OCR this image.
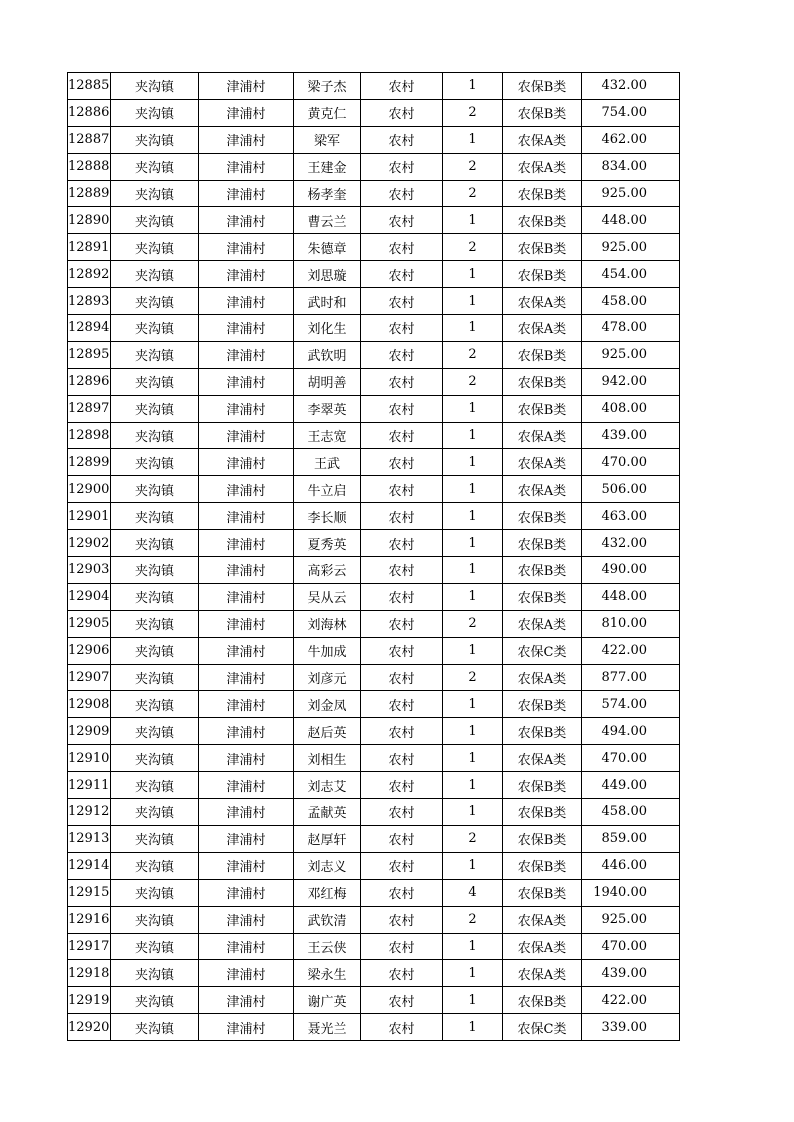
12885	夹沟镇	津浦村	梁子杰	农村	1	农保B类	432.00
12886	夹沟镇	津浦村	黄克仁	农村	2	农保B类	754.00
12887	夹沟镇	津浦村	梁军	农村	1	农保A类	462.00
12888	夹沟镇	津浦村	王建金	农村	2	农保A类	834.00
12889	夹沟镇	津浦村	杨孝奎	农村	2	农保B类	925.00
12890	夹沟镇	津浦村	曹云兰	农村	1	农保B类	448.00
12891	夹沟镇	津浦村	朱德章	农村	2	农保B类	925.00
12892	夹沟镇	津浦村	刘思璇	农村	1	农保B类	454.00
12893	夹沟镇	津浦村	武时和	农村	1	农保A类	458.00
12894	夹沟镇	津浦村	刘化生	农村	1	农保A类	478.00
12895	夹沟镇	津浦村	武钦明	农村	2	农保B类	925.00
12896	夹沟镇	津浦村	胡明善	农村	2	农保B类	942.00
12897	夹沟镇	津浦村	李翠英	农村	1	农保B类	408.00
12898	夹沟镇	津浦村	王志宽	农村	1	农保A类	439.00
12899	夹沟镇	津浦村	王武	农村	1	农保A类	470.00
12900	夹沟镇	津浦村	牛立启	农村	1	农保A类	506.00
12901	夹沟镇	津浦村	李长顺	农村	1	农保B类	463.00
12902	夹沟镇	津浦村	夏秀英	农村	1	农保B类	432.00
12903	夹沟镇	津浦村	高彩云	农村	1	农保B类	490.00
12904	夹沟镇	津浦村	吴从云	农村	1	农保B类	448.00
12905	夹沟镇	津浦村	刘海林	农村	2	农保A类	810.00
12906	夹沟镇	津浦村	牛加成	农村	1	农保C类	422.00
12907	夹沟镇	津浦村	刘彦元	农村	2	农保A类	877.00
12908	夹沟镇	津浦村	刘金凤	农村	1	农保B类	574.00
12909	夹沟镇	津浦村	赵后英	农村	1	农保B类	494.00
12910	夹沟镇	津浦村	刘相生	农村	1	农保A类	470.00
12911	夹沟镇	津浦村	刘志艾	农村	1	农保B类	449.00
12912	夹沟镇	津浦村	孟献英	农村	1	农保B类	458.00
12913	夹沟镇	津浦村	赵厚轩	农村	2	农保B类	859.00
12914	夹沟镇	津浦村	刘志义	农村	1	农保B类	446.00
12915	夹沟镇	津浦村	邓红梅	农村	4	农保B类	1940.00
12916	夹沟镇	津浦村	武钦清	农村	2	农保A类	925.00
12917	夹沟镇	津浦村	王云侠	农村	1	农保A类	470.00
12918	夹沟镇	津浦村	梁永生	农村	1	农保A类	439.00
12919	夹沟镇	津浦村	谢广英	农村	1	农保B类	422.00
12920	夹沟镇	津浦村	聂光兰	农村	1	农保C类	339.00
